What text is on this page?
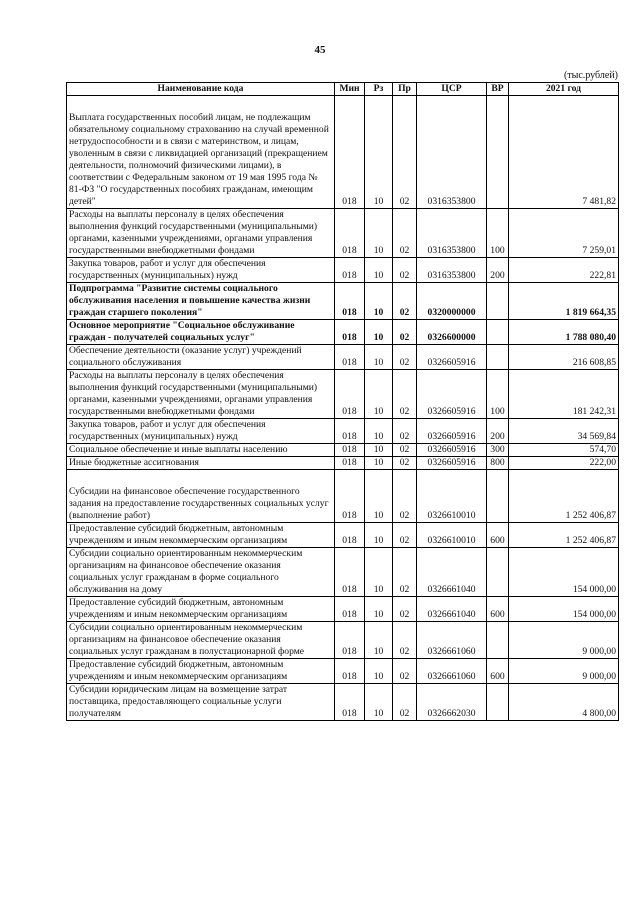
45
(тыс.рублей)
Наименование кода	Мин	Рз	Пр	ЦСР	ВР	2021 год
Выплата государственных пособий лицам, не подлежащим обязательному социальному страхованию на случай временной нетрудоспособности и в связи с материнством, и лицам, уволенным в связи с ликвидацией организаций (прекращением деятельности, полномочий физическими лицами), в соответствии с Федеральным законом от 19 мая 1995 года № 81-ФЗ "О государственных пособиях гражданам, имеющим детей"	018	10	02	0316353800		7 481,82
Расходы на выплаты персоналу в целях обеспечения выполнения функций государственными (муниципальными) органами, казенными учреждениями, органами управления государственными внебюджетными фондами	018	10	02	0316353800	100	7 259,01
Закупка товаров, работ и услуг для обеспечения государственных (муниципальных) нужд	018	10	02	0316353800	200	222,81
Подпрограмма "Развитие системы социального обслуживания населения и повышение качества жизни граждан старшего поколения"	018	10	02	0320000000		1 819 664,35
Основное мероприятие "Социальное обслуживание граждан - получателей социальных услуг"	018	10	02	0326600000		1 788 080,40
Обеспечение деятельности (оказание услуг) учреждений социального обслуживания	018	10	02	0326605916		216 608,85
Расходы на выплаты персоналу в целях обеспечения выполнения функций государственными (муниципальными) органами, казенными учреждениями, органами управления государственными внебюджетными фондами	018	10	02	0326605916	100	181 242,31
Закупка товаров, работ и услуг для обеспечения государственных (муниципальных) нужд	018	10	02	0326605916	200	34 569,84
Социальное обеспечение и иные выплаты населению	018	10	02	0326605916	300	574,70
Иные бюджетные ассигнования	018	10	02	0326605916	800	222,00
Субсидии на финансовое обеспечение государственного задания на предоставление государственных социальных услуг (выполнение работ)	018	10	02	0326610010		1 252 406,87
Предоставление субсидий бюджетным, автономным учреждениям и иным некоммерческим организациям	018	10	02	0326610010	600	1 252 406,87
Субсидии социально ориентированным некоммерческим организациям на финансовое обеспечение оказания социальных услуг гражданам в форме социального обслуживания на дому	018	10	02	0326661040		154 000,00
Предоставление субсидий бюджетным, автономным учреждениям и иным некоммерческим организациям	018	10	02	0326661040	600	154 000,00
Субсидии социально ориентированным некоммерческим организациям на финансовое обеспечение оказания социальных услуг гражданам в полустационарной форме	018	10	02	0326661060		9 000,00
Предоставление субсидий бюджетным, автономным учреждениям и иным некоммерческим организациям	018	10	02	0326661060	600	9 000,00
Субсидии юридическим лицам на возмещение затрат поставщика, предоставляющего социальные услуги получателям	018	10	02	0326662030		4 800,00
